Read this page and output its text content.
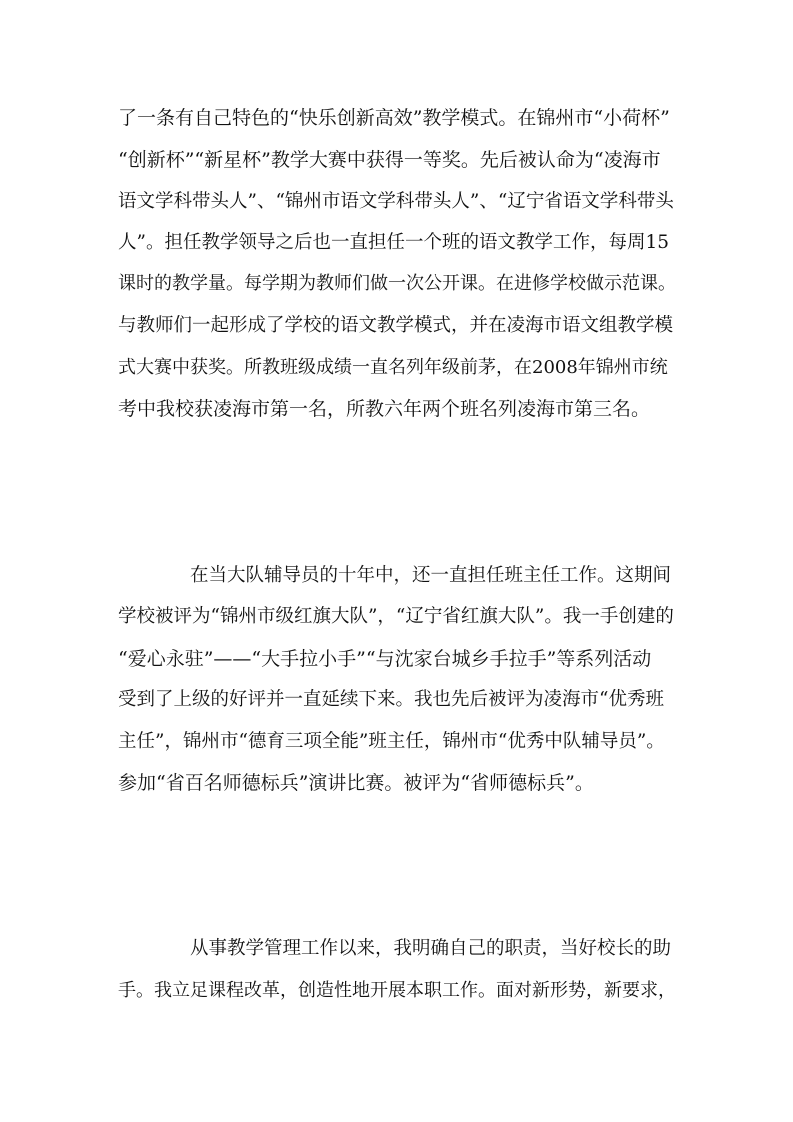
了一条有自己特色的“快乐创新高效”教学模式。在锦州市“小荷杯”
“创新杯”“新星杯”教学大赛中获得一等奖。先后被认命为“凌海市
语文学科带头人”、“锦州市语文学科带头人”、“辽宁省语文学科带头
人”。担任教学领导之后也一直担任一个班的语文教学工作，每周15
课时的教学量。每学期为教师们做一次公开课。在进修学校做示范课。
与教师们一起形成了学校的语文教学模式，并在凌海市语文组教学模
式大赛中获奖。所教班级成绩一直名列年级前茅，在2008年锦州市统
考中我校获凌海市第一名，所教六年两个班名列凌海市第三名。
在当大队辅导员的十年中，还一直担任班主任工作。这期间
学校被评为“锦州市级红旗大队”，“辽宁省红旗大队”。我一手创建的
“爱心永驻”——“大手拉小手”“与沈家台城乡手拉手”等系列活动
受到了上级的好评并一直延续下来。我也先后被评为凌海市“优秀班
主任”，锦州市“德育三项全能”班主任，锦州市“优秀中队辅导员”。
参加“省百名师德标兵”演讲比赛。被评为“省师德标兵”。
从事教学管理工作以来，我明确自己的职责，当好校长的助
手。我立足课程改革，创造性地开展本职工作。面对新形势，新要求，
